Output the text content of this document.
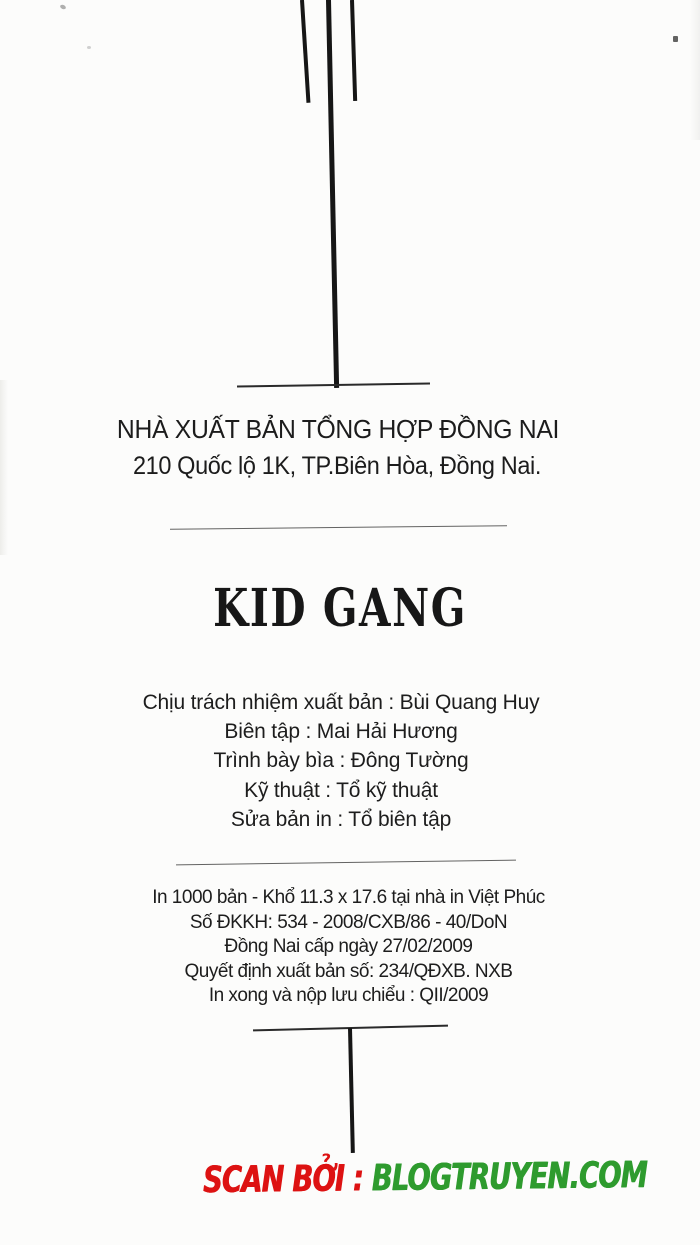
NHÀ XUẤT BẢN TỔNG HỢP ĐỒNG NAI
210 Quốc lộ 1K, TP.Biên Hòa, Đồng Nai.
KID GANG
Chịu trách nhiệm xuất bản : Bùi Quang Huy
Biên tập : Mai Hải Hương
Trình bày bìa : Đông Tường
Kỹ thuật : Tổ kỹ thuật
Sửa bản in : Tổ biên tập
In 1000 bản - Khổ 11.3 x 17.6 tại nhà in Việt Phúc
Số ĐKKH: 534 - 2008/CXB/86 - 40/DoN
Đồng Nai cấp ngày 27/02/2009
Quyết định xuất bản số: 234/QĐXB. NXB
In xong và nộp lưu chiểu : QII/2009
SCAN BỞI : BLOGTRUYEN.COM
